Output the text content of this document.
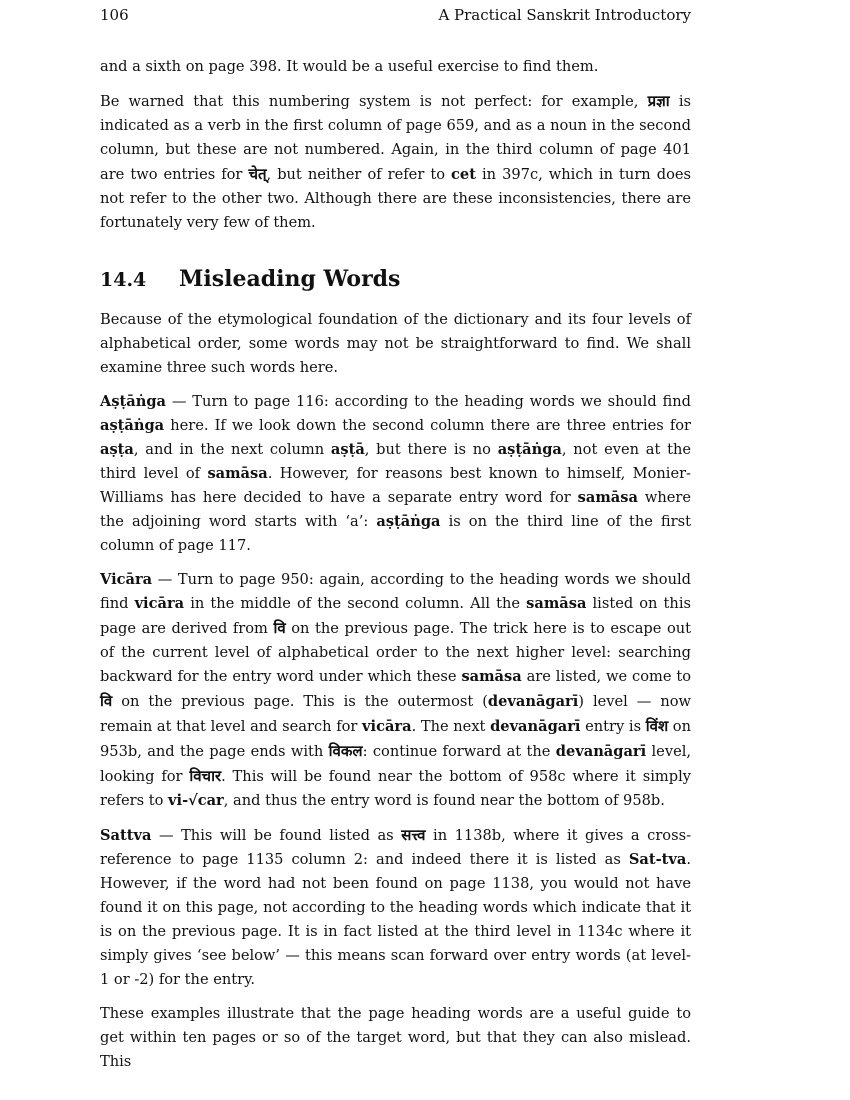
106	A Practical Sanskrit Introductory

and a sixth on page 398. It would be a useful exercise to find them.

Be warned that this numbering system is not perfect: for example, प्रज्ञा is indicated as a verb in the first column of page 659, and as a noun in the second column, but these are not numbered. Again, in the third column of page 401 are two entries for चेत्, but neither of refer to cet in 397c, which in turn does not refer to the other two. Although there are these inconsistencies, there are fortunately very few of them.

14.4 Misleading Words

Because of the etymological foundation of the dictionary and its four levels of alphabetical order, some words may not be straightforward to find. We shall examine three such words here.

Aṣṭāṅga — Turn to page 116: according to the heading words we should find aṣṭāṅga here. If we look down the second column there are three entries for aṣṭa, and in the next column aṣṭā, but there is no aṣṭāṅga, not even at the third level of samāsa. However, for reasons best known to himself, Monier-Williams has here decided to have a separate entry word for samāsa where the adjoining word starts with ‘a’: aṣṭāṅga is on the third line of the first column of page 117.

Vicāra — Turn to page 950: again, according to the heading words we should find vicāra in the middle of the second column. All the samāsa listed on this page are derived from वि on the previous page. The trick here is to escape out of the current level of alphabetical order to the next higher level: searching backward for the entry word under which these samāsa are listed, we come to वि on the previous page. This is the outermost (devanāgarī) level — now remain at that level and search for vicāra. The next devanāgarī entry is विंश on 953b, and the page ends with विकल: continue forward at the devanāgarī level, looking for विचार. This will be found near the bottom of 958c where it simply refers to vi-√car, and thus the entry word is found near the bottom of 958b.

Sattva — This will be found listed as सत्त्व in 1138b, where it gives a cross-reference to page 1135 column 2: and indeed there it is listed as Sat-tva. However, if the word had not been found on page 1138, you would not have found it on this page, not according to the heading words which indicate that it is on the previous page. It is in fact listed at the third level in 1134c where it simply gives ‘see below’ — this means scan forward over entry words (at level-1 or -2) for the entry.

These examples illustrate that the page heading words are a useful guide to get within ten pages or so of the target word, but that they can also mislead. This
